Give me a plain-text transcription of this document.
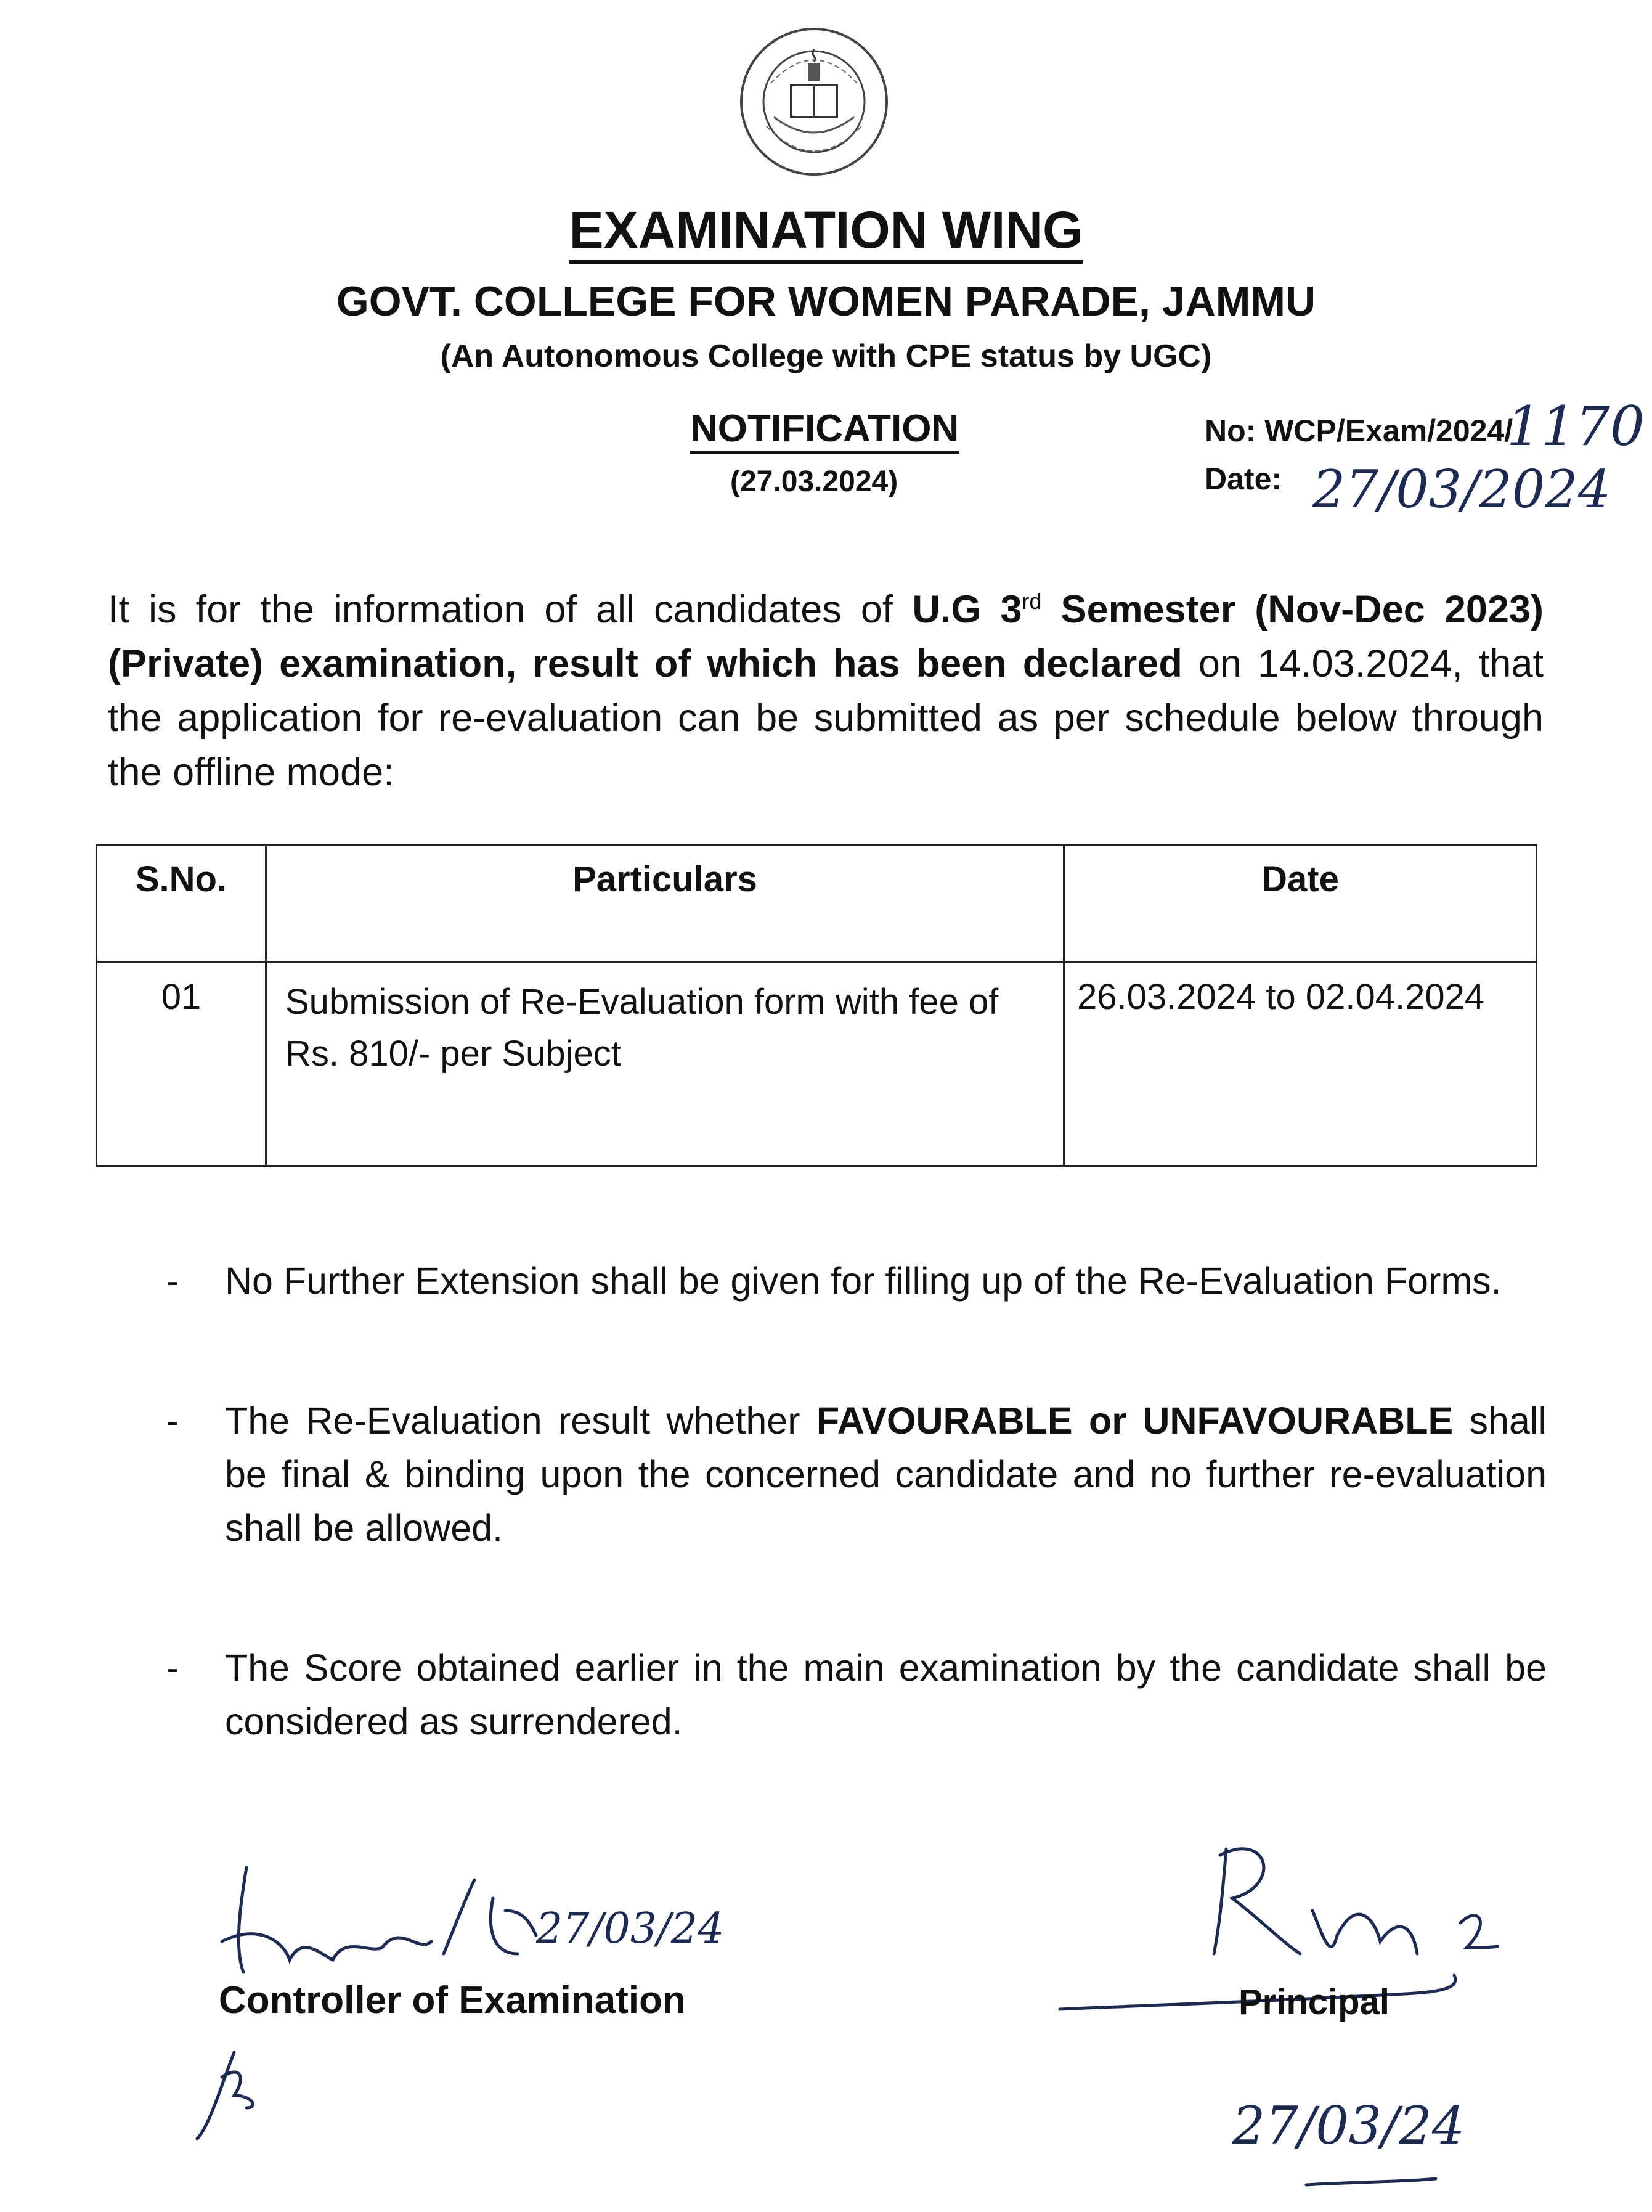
EXAMINATION WING
GOVT. COLLEGE FOR WOMEN PARADE, JAMMU
(An Autonomous College with CPE status by UGC)
NOTIFICATION
(27.03.2024)
No: WCP/Exam/2024/
Date:
1170
27/03/2024
It is for the information of all candidates of U.G 3rd Semester (Nov-Dec 2023) (Private) examination, result of which has been declared on 14.03.2024, that the application for re-evaluation can be submitted as per schedule below through the offline mode:
S.No.	Particulars	Date
01	Submission of Re-Evaluation form with fee of Rs. 810/- per Subject	26.03.2024 to 02.04.2024
- No Further Extension shall be given for filling up of the Re-Evaluation Forms.
- The Re-Evaluation result whether FAVOURABLE or UNFAVOURABLE shall be final & binding upon the concerned candidate and no further re-evaluation shall be allowed.
- The Score obtained earlier in the main examination by the candidate shall be considered as surrendered.
27/03/24
27/03/24
Controller of Examination	Principal
